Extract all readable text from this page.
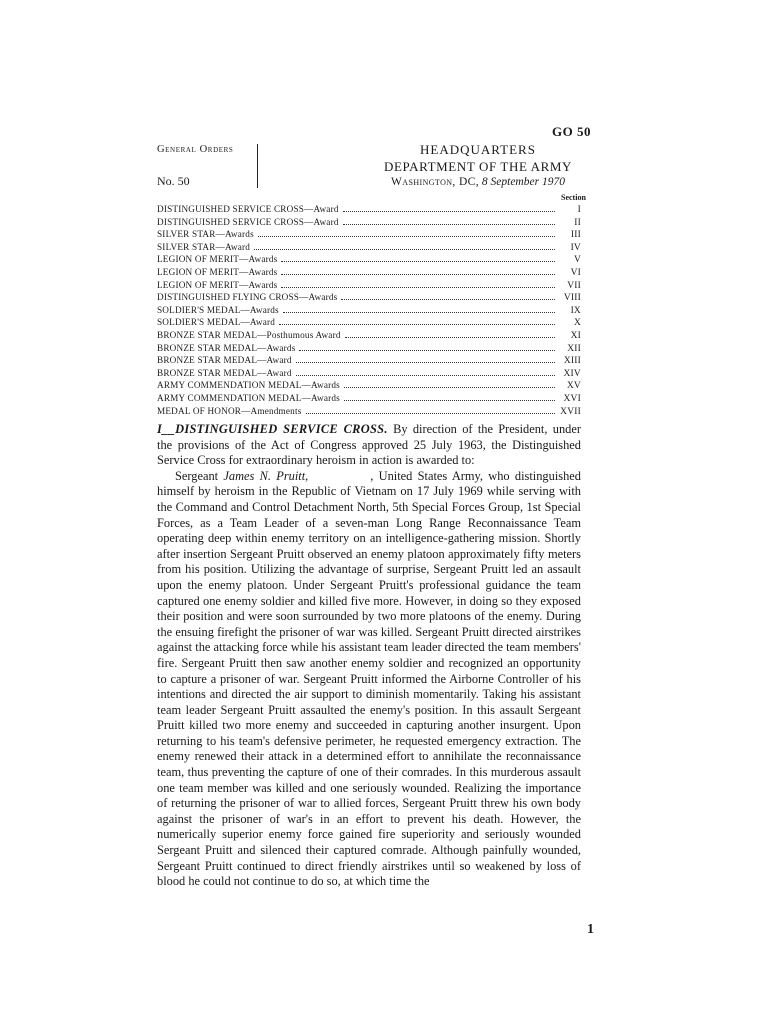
GO 50
General Orders
No. 50
HEADQUARTERS
DEPARTMENT OF THE ARMY
Washington, DC, 8 September 1970
Section
DISTINGUISHED SERVICE CROSS—Award	I
DISTINGUISHED SERVICE CROSS—Award	II
SILVER STAR—Awards	III
SILVER STAR—Award	IV
LEGION OF MERIT—Awards	V
LEGION OF MERIT—Awards	VI
LEGION OF MERIT—Awards	VII
DISTINGUISHED FLYING CROSS—Awards	VIII
SOLDIER'S MEDAL—Awards	IX
SOLDIER'S MEDAL—Award	X
BRONZE STAR MEDAL—Posthumous Award	XI
BRONZE STAR MEDAL—Awards	XII
BRONZE STAR MEDAL—Award	XIII
BRONZE STAR MEDAL—Award	XIV
ARMY COMMENDATION MEDAL—Awards	XV
ARMY COMMENDATION MEDAL—Awards	XVI
MEDAL OF HONOR—Amendments	XVII

I__DISTINGUISHED SERVICE CROSS. By direction of the President, under the provisions of the Act of Congress approved 25 July 1963, the Distinguished Service Cross for extraordinary heroism in action is awarded to:

Sergeant James N. Pruitt,	, United States Army, who distinguished himself by heroism in the Republic of Vietnam on 17 July 1969 while serving with the Command and Control Detachment North, 5th Special Forces Group, 1st Special Forces, as a Team Leader of a seven-man Long Range Reconnaissance Team operating deep within enemy territory on an intelligence-gathering mission. Shortly after insertion Sergeant Pruitt observed an enemy platoon approximately fifty meters from his position. Utilizing the advantage of surprise, Sergeant Pruitt led an assault upon the enemy platoon. Under Sergeant Pruitt's professional guidance the team captured one enemy soldier and killed five more. However, in doing so they exposed their position and were soon surrounded by two more platoons of the enemy. During the ensuing firefight the prisoner of war was killed. Sergeant Pruitt directed airstrikes against the attacking force while his assistant team leader directed the team members' fire. Sergeant Pruitt then saw another enemy soldier and recognized an opportunity to capture a prisoner of war. Sergeant Pruitt informed the Airborne Controller of his intentions and directed the air support to diminish momentarily. Taking his assistant team leader Sergeant Pruitt assaulted the enemy's position. In this assault Sergeant Pruitt killed two more enemy and succeeded in capturing another insurgent. Upon returning to his team's defensive perimeter, he requested emergency extraction. The enemy renewed their attack in a determined effort to annihilate the reconnaissance team, thus preventing the capture of one of their comrades. In this murderous assault one team member was killed and one seriously wounded. Realizing the importance of returning the prisoner of war to allied forces, Sergeant Pruitt threw his own body against the prisoner of war's in an effort to prevent his death. However, the numerically superior enemy force gained fire superiority and seriously wounded Sergeant Pruitt and silenced their captured comrade. Although painfully wounded, Sergeant Pruitt continued to direct friendly airstrikes until so weakened by loss of blood he could not continue to do so, at which time the

1
